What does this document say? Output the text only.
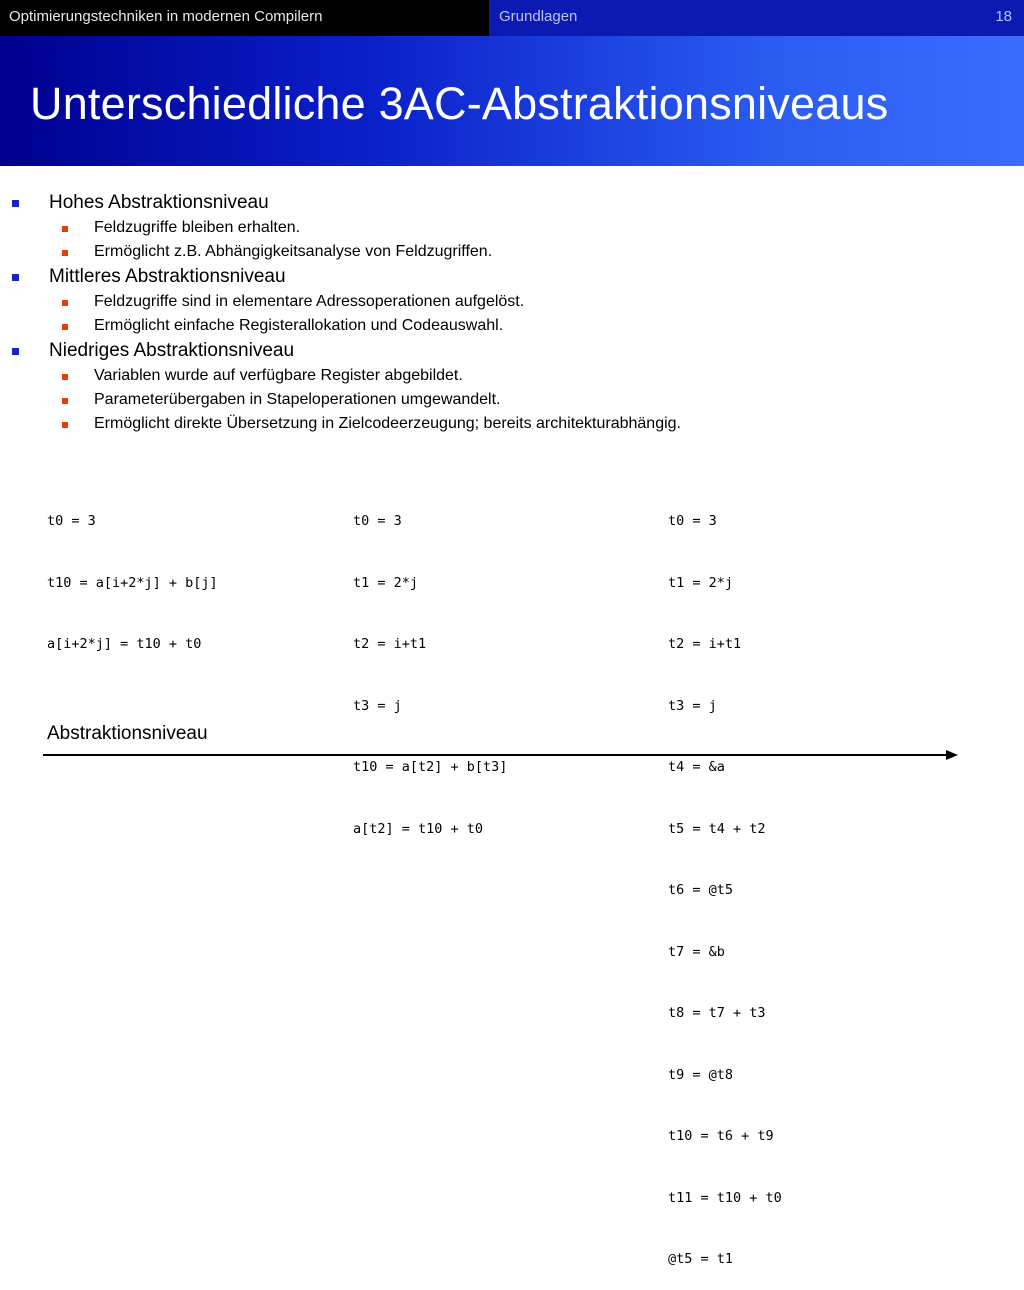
Optimierungstechniken in modernen Compilern	Grundlagen	18
Unterschiedliche 3AC-Abstraktionsniveaus
Hohes Abstraktionsniveau
Feldzugriffe bleiben erhalten.
Ermöglicht z.B. Abhängigkeitsanalyse von Feldzugriffen.
Mittleres Abstraktionsniveau
Feldzugriffe sind in elementare Adressoperationen aufgelöst.
Ermöglicht einfache Registerallokation und Codeauswahl.
Niedriges Abstraktionsniveau
Variablen wurde auf verfügbare Register abgebildet.
Parameterübergaben in Stapeloperationen umgewandelt.
Ermöglicht direkte Übersetzung in Zielcodeerzeugung; bereits architekturabhängig.

t0 = 3

t10 = a[i+2*j] + b[j]

a[i+2*j] = t10 + t0

t0 = 3

t1 = 2*j

t2 = i+t1

t3 = j

t10 = a[t2] + b[t3]

a[t2] = t10 + t0

t0 = 3

t1 = 2*j

t2 = i+t1

t3 = j

t4 = &a

t5 = t4 + t2

t6 = @t5

t7 = &b

t8 = t7 + t3

t9 = @t8

t10 = t6 + t9

t11 = t10 + t0

@t5 = t1

Abstraktionsniveau
